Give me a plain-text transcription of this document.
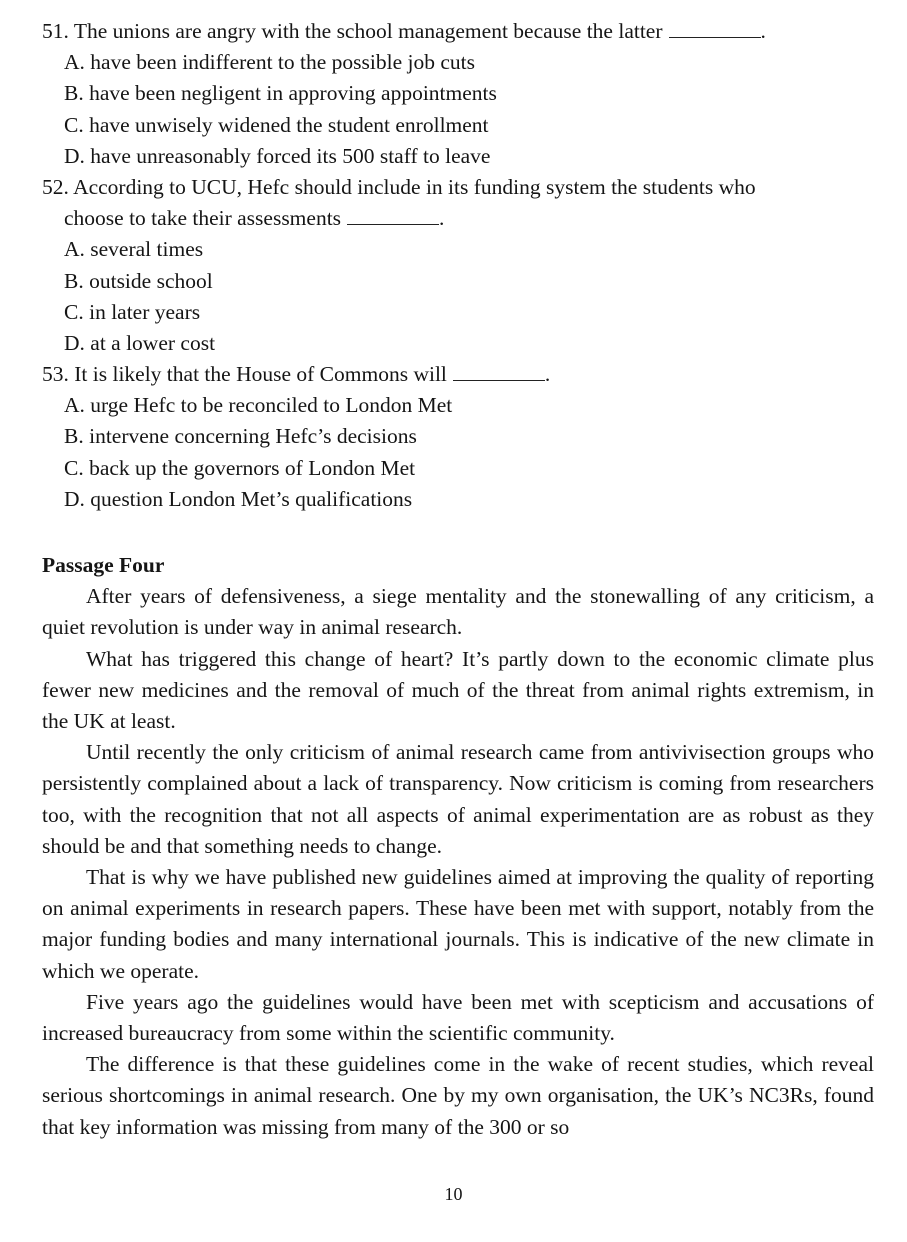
51. The unions are angry with the school management because the latter	.
A. have been indifferent to the possible job cuts
B. have been negligent in approving appointments
C. have unwisely widened the student enrollment
D. have unreasonably forced its 500 staff to leave
52. According to UCU, Hefc should include in its funding system the students who
choose to take their assessments	.
A. several times
B. outside school
C. in later years
D. at a lower cost
53. It is likely that the House of Commons will	.
A. urge Hefc to be reconciled to London Met
B. intervene concerning Hefc’s decisions
C. back up the governors of London Met
D. question London Met’s qualifications
Passage Four

After years of defensiveness, a siege mentality and the stonewalling of any criticism, a quiet revolution is under way in animal research.

What has triggered this change of heart? It’s partly down to the economic climate plus fewer new medicines and the removal of much of the threat from animal rights extremism, in the UK at least.

Until recently the only criticism of animal research came from antivivisection groups who persistently complained about a lack of transparency. Now criticism is coming from researchers too, with the recognition that not all aspects of animal experimentation are as robust as they should be and that something needs to change.

That is why we have published new guidelines aimed at improving the quality of reporting on animal experiments in research papers. These have been met with support, notably from the major funding bodies and many international journals. This is indicative of the new climate in which we operate.

Five years ago the guidelines would have been met with scepticism and accusations of increased bureaucracy from some within the scientific community.

The difference is that these guidelines come in the wake of recent studies, which reveal serious shortcomings in animal research. One by my own organisation, the UK’s NC3Rs, found that key information was missing from many of the 300 or so

10
